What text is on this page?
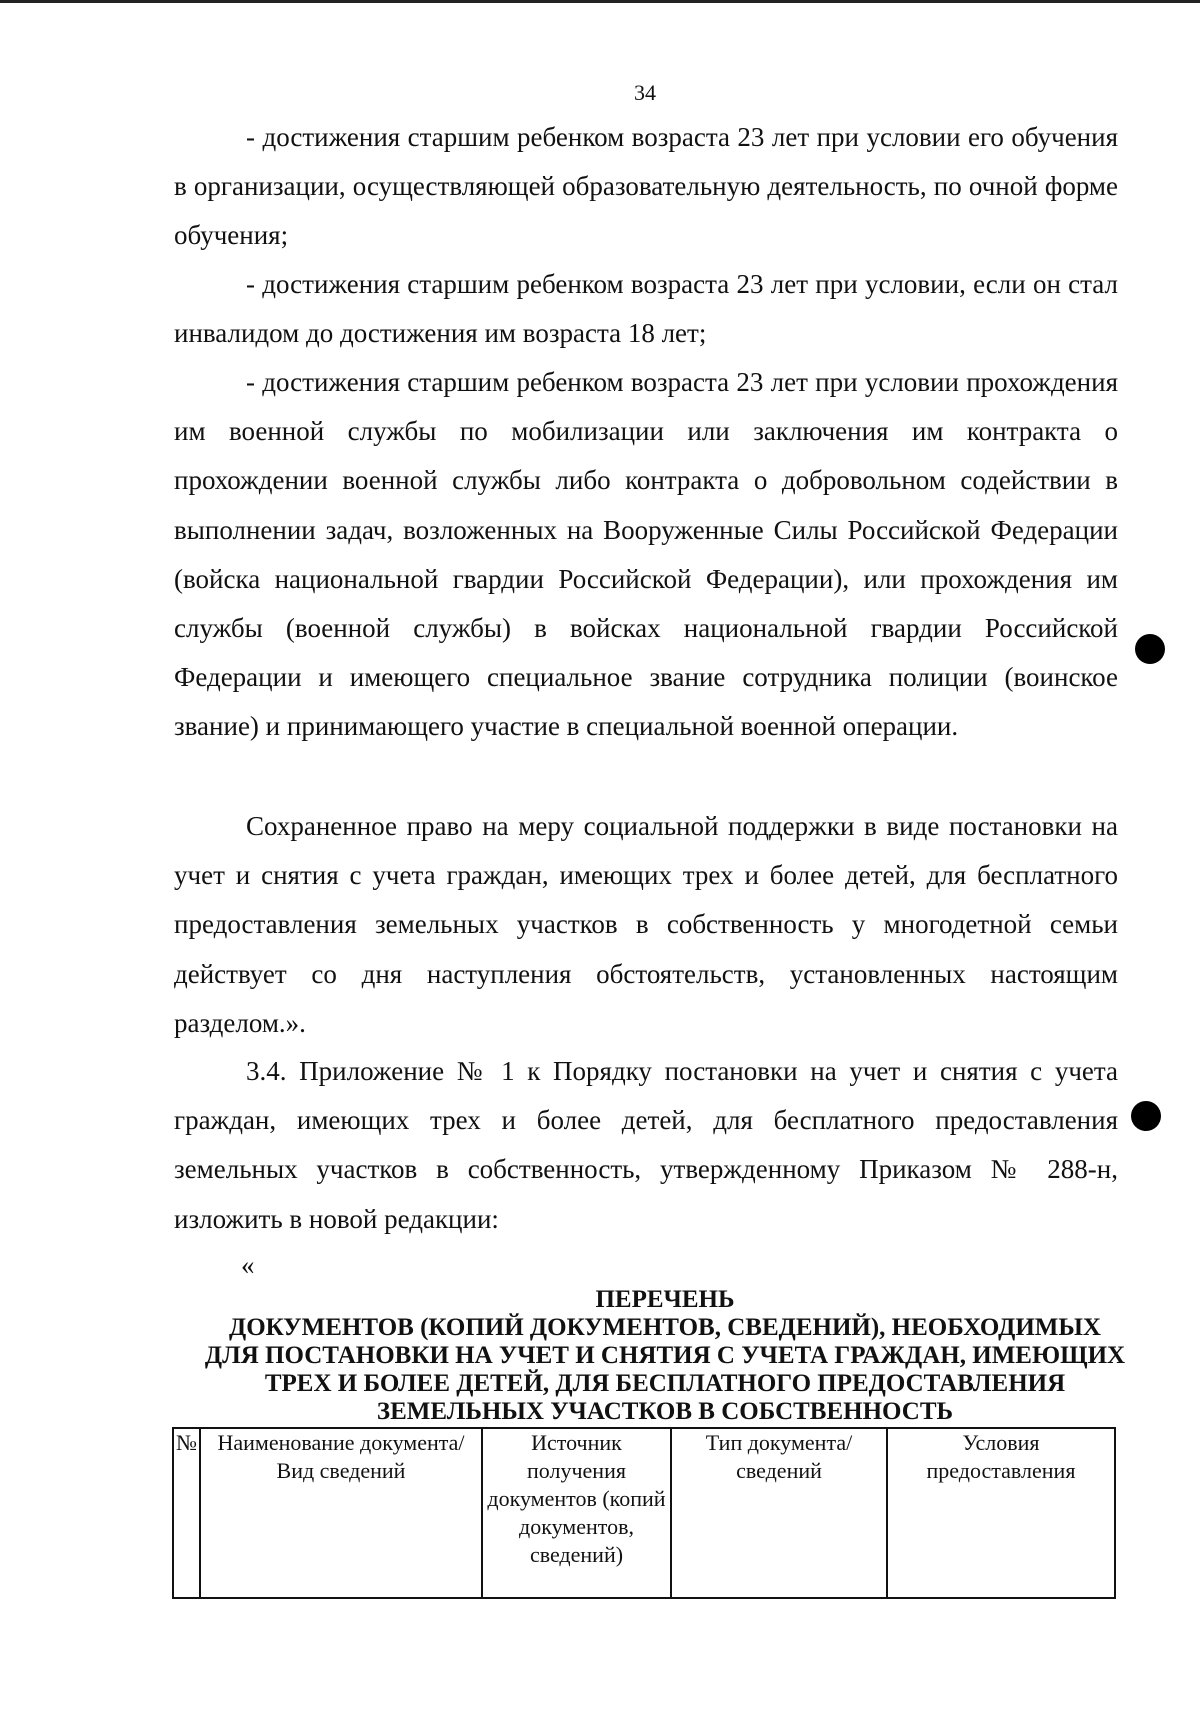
34

- достижения старшим ребенком возраста 23 лет при условии его обучения в организации, осуществляющей образовательную деятельность, по очной форме обучения;

- достижения старшим ребенком возраста 23 лет при условии, если он стал инвалидом до достижения им возраста 18 лет;

- достижения старшим ребенком возраста 23 лет при условии прохождения им военной службы по мобилизации или заключения им контракта о прохождении военной службы либо контракта о добровольном содействии в выполнении задач, возложенных на Вооруженные Силы Российской Федерации (войска национальной гвардии Российской Федерации), или прохождения им службы (военной службы) в войсках национальной гвардии Российской Федерации и имеющего специальное звание сотрудника полиции (воинское звание) и принимающего участие в специальной военной операции.

Сохраненное право на меру социальной поддержки в виде постановки на учет и снятия с учета граждан, имеющих трех и более детей, для бесплатного предоставления земельных участков в собственность у многодетной семьи действует со дня наступления обстоятельств, установленных настоящим разделом.».

3.4. Приложение № 1 к Порядку постановки на учет и снятия с учета граждан, имеющих трех и более детей, для бесплатного предоставления земельных участков в собственность, утвержденному Приказом № 288-н, изложить в новой редакции:

«
ПЕРЕЧЕНЬ
ДОКУМЕНТОВ (КОПИЙ ДОКУМЕНТОВ, СВЕДЕНИЙ), НЕОБХОДИМЫХ
ДЛЯ ПОСТАНОВКИ НА УЧЕТ И СНЯТИЯ С УЧЕТА ГРАЖДАН, ИМЕЮЩИХ
ТРЕХ И БОЛЕЕ ДЕТЕЙ, ДЛЯ БЕСПЛАТНОГО ПРЕДОСТАВЛЕНИЯ
ЗЕМЕЛЬНЫХ УЧАСТКОВ В СОБСТВЕННОСТЬ
№	Наименование документа/Вид сведений	Источник получения документов (копий документов, сведений)	Тип документа/сведений	Условия предоставления
